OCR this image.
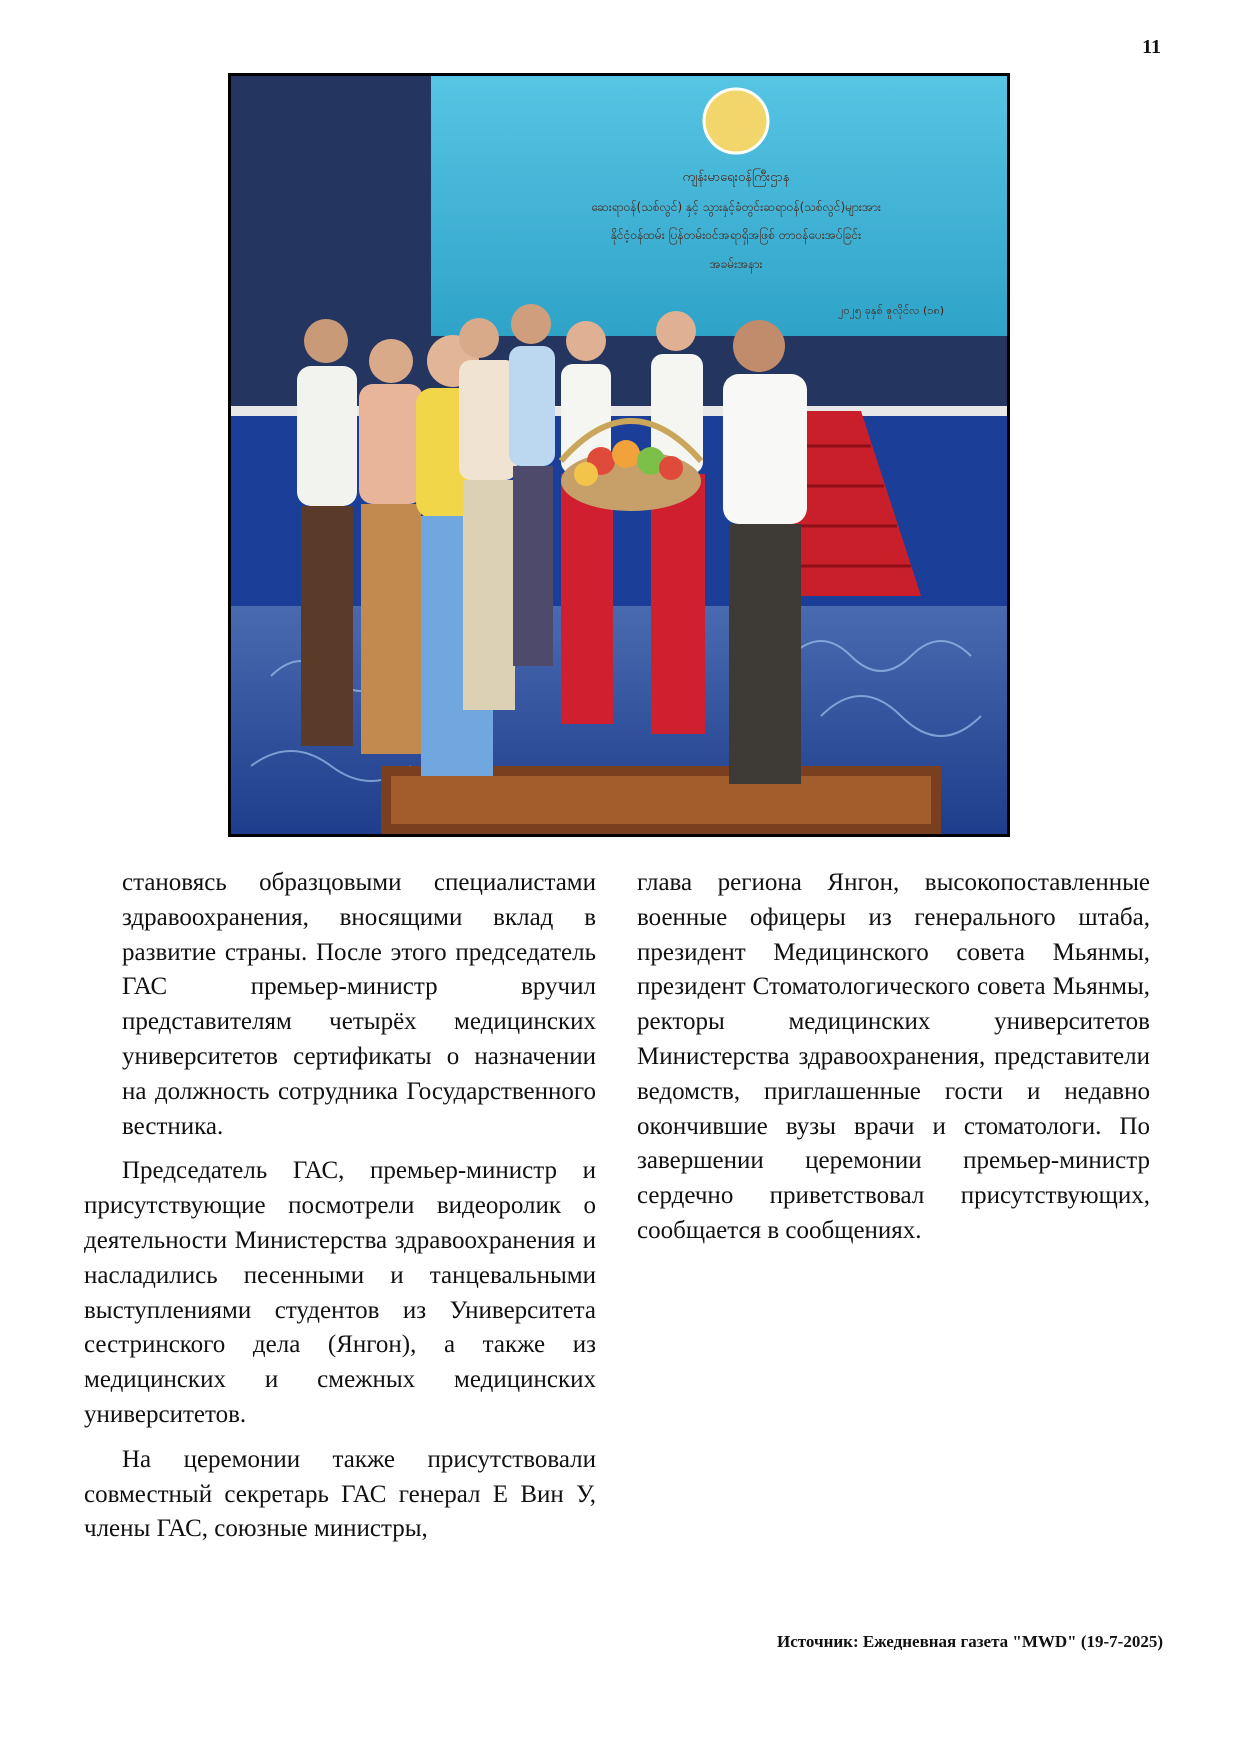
11
ကျန်းမာရေးဝန်ကြီးဌာန
ဆေးရာဝန်(သစ်လွင်) နှင့် သွားနှင့်ခံတွင်းဆရာဝန်(သစ်လွင်)များအား
နိုင်ငံ့ဝန်ထမ်း ပြန်တမ်းဝင်အရာရှိအဖြစ် တာဝန်ပေးအပ်ခြင်း
အခမ်းအနား
၂၀၂၅ ခုနှစ် ဇူလိုင်လ (၁၈)

становясь образцовыми специалистами здравоохранения, вносящими вклад в развитие страны. После этого председатель ГАС премьер-министр вручил представителям четырёх медицинских университетов сертификаты о назначении на должность сотрудника Государственного вестника.

Председатель ГАС, премьер-министр и присутствующие посмотрели видеоролик о деятельности Министерства здравоохранения и насладились песенными и танцевальными выступлениями студентов из Университета сестринского дела (Янгон), а также из медицинских и смежных медицинских университетов.

На церемонии также присутствовали совместный секретарь ГАС генерал Е Вин У, члены ГАС, союзные министры,

глава региона Янгон, высокопоставленные военные офицеры из генерального штаба, президент Медицинского совета Мьянмы, президент Стоматологического совета Мьянмы, ректоры медицинских университетов Министерства здравоохранения, представители ведомств, приглашенные гости и недавно окончившие вузы врачи и стоматологи. По завершении церемонии премьер-министр сердечно приветствовал присутствующих, сообщается в сообщениях.

Источник: Ежедневная газета "MWD" (19-7-2025)
